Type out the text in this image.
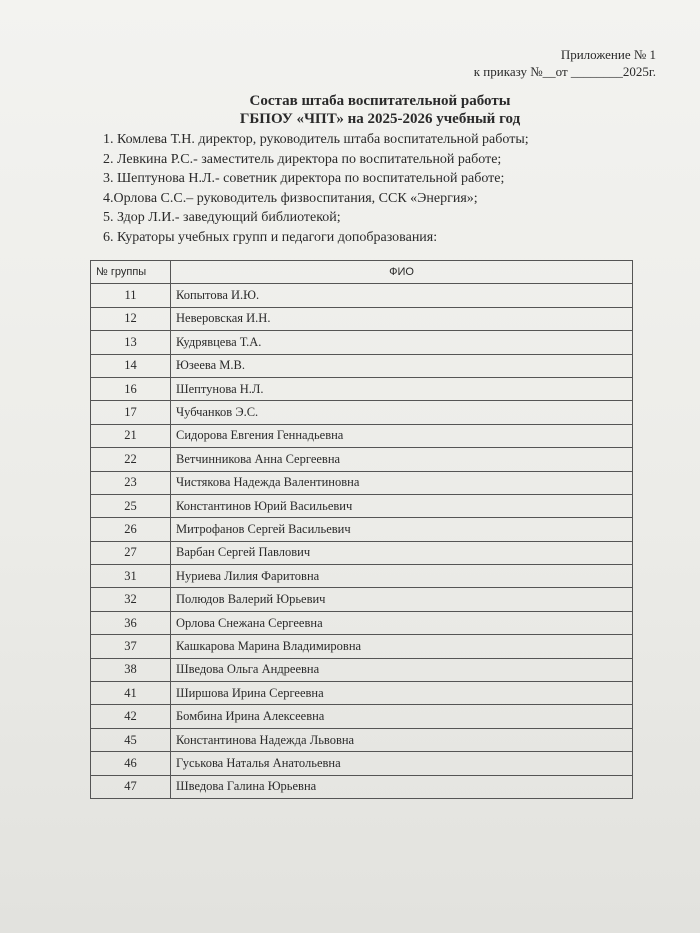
Приложение № 1
к приказу №__от ________2025г.
Состав штаба воспитательной работы
ГБПОУ «ЧПТ» на 2025-2026 учебный год
1. Комлева Т.Н. директор, руководитель штаба воспитательной работы;
2. Левкина Р.С.- заместитель директора по воспитательной работе;
3. Шептунова Н.Л.- советник директора по воспитательной работе;
4.Орлова С.С.– руководитель физвоспитания, ССК «Энергия»;
5. Здор Л.И.- заведующий библиотекой;
6. Кураторы учебных групп и педагоги допобразования:
№ группы	ФИО
11	Копытова И.Ю.
12	Неверовская И.Н.
13	Кудрявцева Т.А.
14	Юзеева М.В.
16	Шептунова Н.Л.
17	Чубчанков Э.С.
21	Сидорова Евгения Геннадьевна
22	Ветчинникова Анна Сергеевна
23	Чистякова Надежда Валентиновна
25	Константинов Юрий Васильевич
26	Митрофанов Сергей Васильевич
27	Варбан Сергей Павлович
31	Нуриева Лилия Фаритовна
32	Полюдов Валерий Юрьевич
36	Орлова Снежана Сергеевна
37	Кашкарова Марина Владимировна
38	Шведова Ольга Андреевна
41	Ширшова Ирина Сергеевна
42	Бомбина Ирина Алексеевна
45	Константинова Надежда Львовна
46	Гуськова Наталья Анатольевна
47	Шведова Галина Юрьевна
